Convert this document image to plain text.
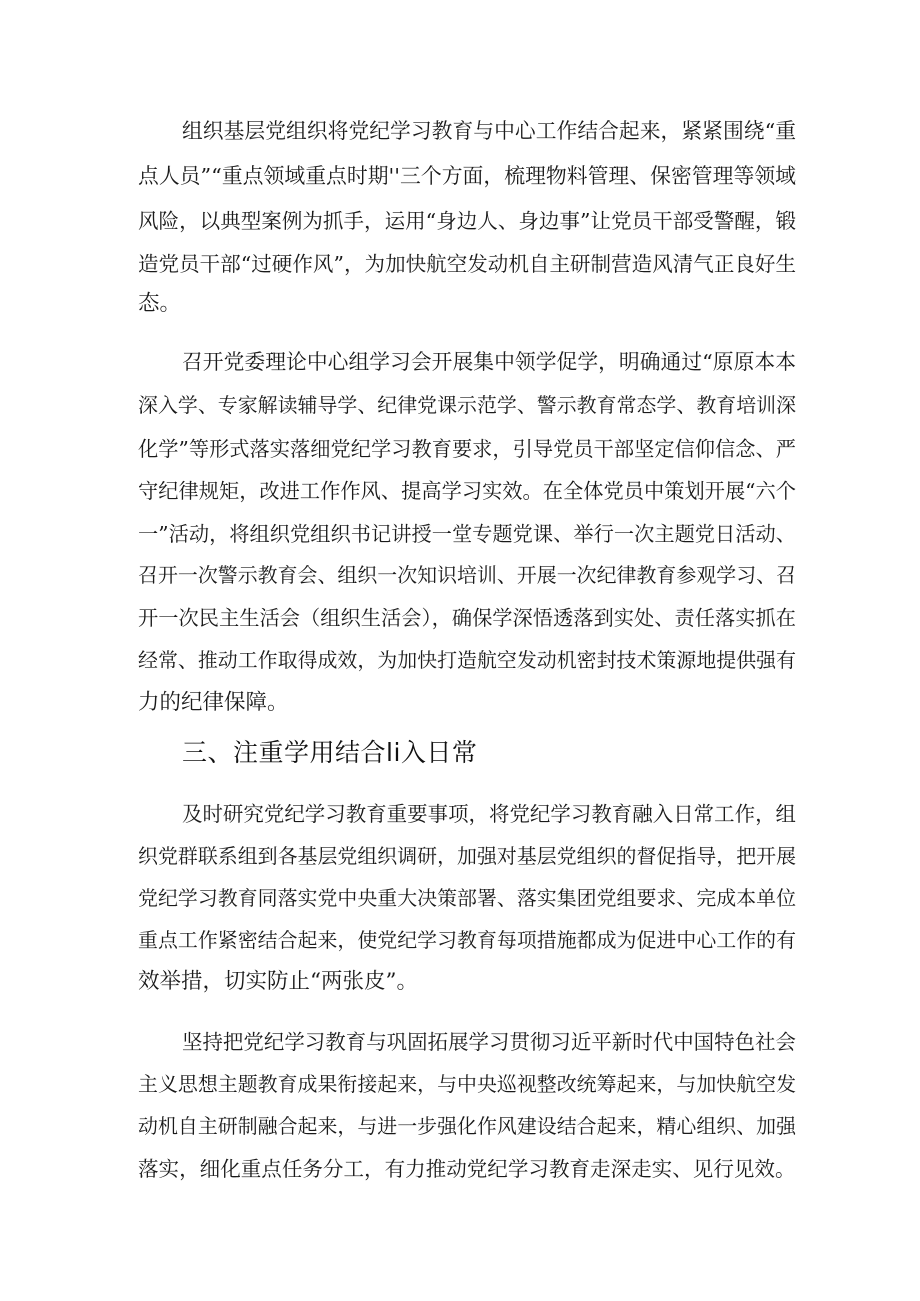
组织基层党组织将党纪学习教育与中心工作结合起来，紧紧围绕“重
点人员”“重点领域重点时期''三个方面，梳理物料管理、保密管理等领域
风险，以典型案例为抓手，运用“身边人、身边事”让党员干部受警醒，锻
造党员干部“过硬作风”，为加快航空发动机自主研制营造风清气正良好生
态。
召开党委理论中心组学习会开展集中领学促学，明确通过“原原本本
深入学、专家解读辅导学、纪律党课示范学、警示教育常态学、教育培训深
化学”等形式落实落细党纪学习教育要求，引导党员干部坚定信仰信念、严
守纪律规矩，改进工作作风、提高学习实效。在全体党员中策划开展“六个
一”活动，将组织党组织书记讲授一堂专题党课、举行一次主题党日活动、
召开一次警示教育会、组织一次知识培训、开展一次纪律教育参观学习、召
开一次民主生活会（组织生活会），确保学深悟透落到实处、责任落实抓在
经常、推动工作取得成效，为加快打造航空发动机密封技术策源地提供强有
力的纪律保障。
三、注重学用结合li入日常
及时研究党纪学习教育重要事项，将党纪学习教育融入日常工作，组
织党群联系组到各基层党组织调研，加强对基层党组织的督促指导，把开展
党纪学习教育同落实党中央重大决策部署、落实集团党组要求、完成本单位
重点工作紧密结合起来，使党纪学习教育每项措施都成为促进中心工作的有
效举措，切实防止“两张皮”。
坚持把党纪学习教育与巩固拓展学习贯彻习近平新时代中国特色社会
主义思想主题教育成果衔接起来，与中央巡视整改统筹起来，与加快航空发
动机自主研制融合起来，与进一步强化作风建设结合起来，精心组织、加强
落实，细化重点任务分工，有力推动党纪学习教育走深走实、见行见效。
